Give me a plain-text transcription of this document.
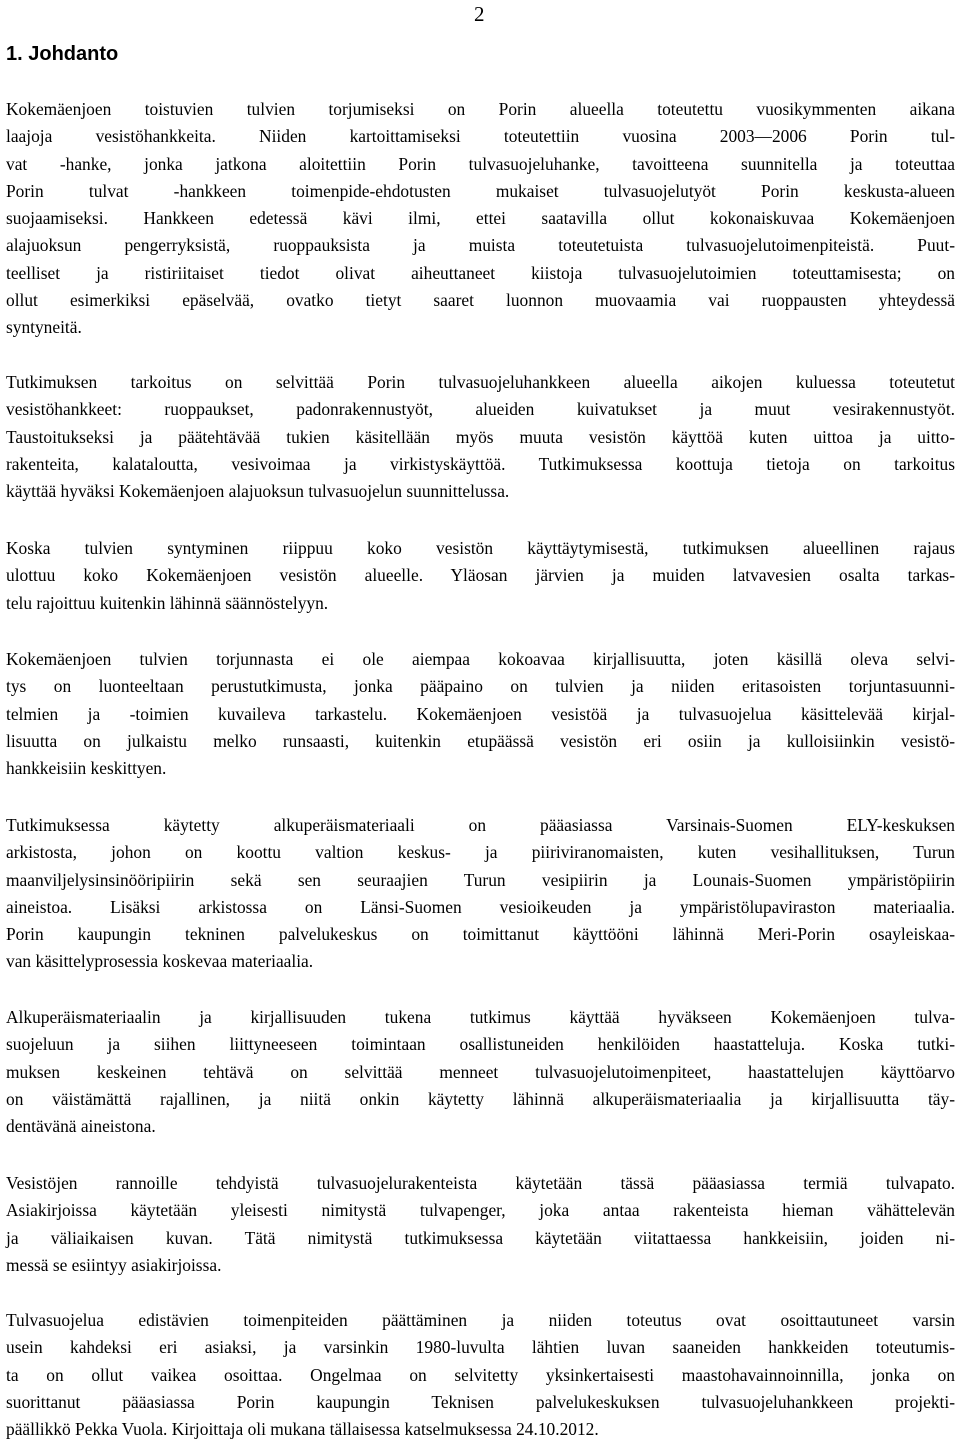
2
1. Johdanto
Kokemäenjoen toistuvien tulvien torjumiseksi on Porin alueella toteutettu vuosikymmenten aikana
laajoja vesistöhankkeita. Niiden kartoittamiseksi toteutettiin vuosina 2003—2006 Porin tul-
vat -hanke, jonka jatkona aloitettiin Porin tulvasuojeluhanke, tavoitteena suunnitella ja toteuttaa
Porin tulvat -hankkeen toimenpide-ehdotusten mukaiset tulvasuojelutyöt Porin keskusta-alueen
suojaamiseksi. Hankkeen edetessä kävi ilmi, ettei saatavilla ollut kokonaiskuvaa Kokemäenjoen
alajuoksun pengerryksistä, ruoppauksista ja muista toteutetuista tulvasuojelutoimenpiteistä. Puut-
teelliset ja ristiriitaiset tiedot olivat aiheuttaneet kiistoja tulvasuojelutoimien toteuttamisesta; on
ollut esimerkiksi epäselvää, ovatko tietyt saaret luonnon muovaamia vai ruoppausten yhteydessä
syntyneitä.
Tutkimuksen tarkoitus on selvittää Porin tulvasuojeluhankkeen alueella aikojen kuluessa toteutetut
vesistöhankkeet: ruoppaukset, padonrakennustyöt, alueiden kuivatukset ja muut vesirakennustyöt.
Taustoitukseksi ja päätehtävää tukien käsitellään myös muuta vesistön käyttöä kuten uittoa ja uitto-
rakenteita, kalataloutta, vesivoimaa ja virkistyskäyttöä. Tutkimuksessa koottuja tietoja on tarkoitus
käyttää hyväksi Kokemäenjoen alajuoksun tulvasuojelun suunnittelussa.
Koska tulvien syntyminen riippuu koko vesistön käyttäytymisestä, tutkimuksen alueellinen rajaus
ulottuu koko Kokemäenjoen vesistön alueelle. Yläosan järvien ja muiden latvavesien osalta tarkas-
telu rajoittuu kuitenkin lähinnä säännöstelyyn.
Kokemäenjoen tulvien torjunnasta ei ole aiempaa kokoavaa kirjallisuutta, joten käsillä oleva selvi-
tys on luonteeltaan perustutkimusta, jonka pääpaino on tulvien ja niiden eritasoisten torjuntasuunni-
telmien ja -toimien kuvaileva tarkastelu. Kokemäenjoen vesistöä ja tulvasuojelua käsittelevää kirjal-
lisuutta on julkaistu melko runsaasti, kuitenkin etupäässä vesistön eri osiin ja kulloisiinkin vesistö-
hankkeisiin keskittyen.
Tutkimuksessa käytetty alkuperäismateriaali on pääasiassa Varsinais-Suomen ELY-keskuksen
arkistosta, johon on koottu valtion keskus- ja piiriviranomaisten, kuten vesihallituksen, Turun
maanviljelysinsinööripiirin sekä sen seuraajien Turun vesipiirin ja Lounais-Suomen ympäristöpiirin
aineistoa. Lisäksi arkistossa on Länsi-Suomen vesioikeuden ja ympäristölupaviraston materiaalia.
Porin kaupungin tekninen palvelukeskus on toimittanut käyttööni lähinnä Meri-Porin osayleiskaa-
van käsittelyprosessia koskevaa materiaalia.
Alkuperäismateriaalin ja kirjallisuuden tukena tutkimus käyttää hyväkseen Kokemäenjoen tulva-
suojeluun ja siihen liittyneeseen toimintaan osallistuneiden henkilöiden haastatteluja. Koska tutki-
muksen keskeinen tehtävä on selvittää menneet tulvasuojelutoimenpiteet, haastattelujen käyttöarvo
on väistämättä rajallinen, ja niitä onkin käytetty lähinnä alkuperäismateriaalia ja kirjallisuutta täy-
dentävänä aineistona.
Vesistöjen rannoille tehdyistä tulvasuojelurakenteista käytetään tässä pääasiassa termiä tulvapato.
Asiakirjoissa käytetään yleisesti nimitystä tulvapenger, joka antaa rakenteista hieman vähättelevän
ja väliaikaisen kuvan. Tätä nimitystä tutkimuksessa käytetään viitattaessa hankkeisiin, joiden ni-
messä se esiintyy asiakirjoissa.
Tulvasuojelua edistävien toimenpiteiden päättäminen ja niiden toteutus ovat osoittautuneet varsin
usein kahdeksi eri asiaksi, ja varsinkin 1980-luvulta lähtien luvan saaneiden hankkeiden toteutumis-
ta on ollut vaikea osoittaa. Ongelmaa on selvitetty yksinkertaisesti maastohavainnoinnilla, jonka on
suorittanut pääasiassa Porin kaupungin Teknisen palvelukeskuksen tulvasuojeluhankkeen projekti-
päällikkö Pekka Vuola. Kirjoittaja oli mukana tällaisessa katselmuksessa 24.10.2012.
